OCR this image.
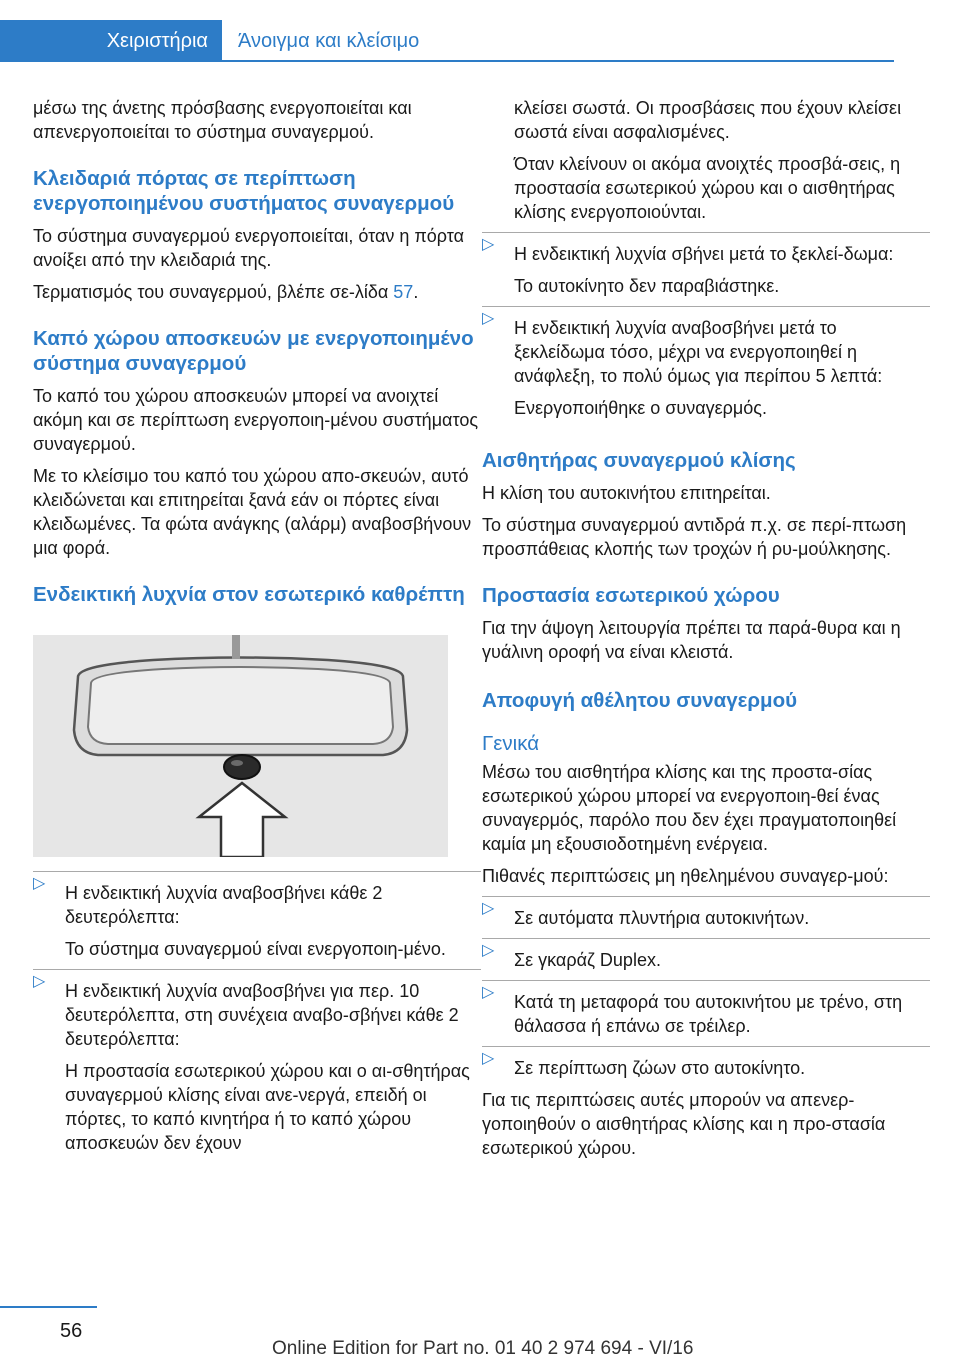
Χειριστήρια	Άνοιγμα και κλείσιμο

μέσω της άνετης πρόσβασης ενεργοποιείται και απενεργοποιείται το σύστημα συναγερμού.

Κλειδαριά πόρτας σε περίπτωση ενεργοποιημένου συστήματος συναγερμού

Το σύστημα συναγερμού ενεργοποιείται, όταν η πόρτα ανοίξει από την κλειδαριά της.

Τερματισμός του συναγερμού, βλέπε σε-λίδα 57.

Καπό χώρου αποσκευών με ενεργοποιημένο σύστημα συναγερμού

Το καπό του χώρου αποσκευών μπορεί να ανοιχτεί ακόμη και σε περίπτωση ενεργοποιη-μένου συστήματος συναγερμού.

Με το κλείσιμο του καπό του χώρου απο-σκευών, αυτό κλειδώνεται και επιτηρείται ξανά εάν οι πόρτες είναι κλειδωμένες. Τα φώτα ανάγκης (αλάρμ) αναβοσβήνουν μια φορά.

Ενδεικτική λυχνία στον εσωτερικό καθρέπτη
▷ Η ενδεικτική λυχνία αναβοσβήνει κάθε 2 δευτερόλεπτα:
Το σύστημα συναγερμού είναι ενεργοποιη-μένο.
▷ Η ενδεικτική λυχνία αναβοσβήνει για περ. 10 δευτερόλεπτα, στη συνέχεια αναβο-σβήνει κάθε 2 δευτερόλεπτα:
Η προστασία εσωτερικού χώρου και ο αι-σθητήρας συναγερμού κλίσης είναι ανε-νεργά, επειδή οι πόρτες, το καπό κινητήρα ή το καπό χώρου αποσκευών δεν έχουν

κλείσει σωστά. Οι προσβάσεις που έχουν κλείσει σωστά είναι ασφαλισμένες.

Όταν κλείνουν οι ακόμα ανοιχτές προσβά-σεις, η προστασία εσωτερικού χώρου και ο αισθητήρας κλίσης ενεργοποιούνται.

▷ Η ενδεικτική λυχνία σβήνει μετά το ξεκλεί-δωμα:
Το αυτοκίνητο δεν παραβιάστηκε.
▷ Η ενδεικτική λυχνία αναβοσβήνει μετά το ξεκλείδωμα τόσο, μέχρι να ενεργοποιηθεί η ανάφλεξη, το πολύ όμως για περίπου 5 λεπτά:
Ενεργοποιήθηκε ο συναγερμός.
Αισθητήρας συναγερμού κλίσης

Η κλίση του αυτοκινήτου επιτηρείται.

Το σύστημα συναγερμού αντιδρά π.χ. σε περί-πτωση προσπάθειας κλοπής των τροχών ή ρυ-μούλκησης.

Προστασία εσωτερικού χώρου

Για την άψογη λειτουργία πρέπει τα παρά-θυρα και η γυάλινη οροφή να είναι κλειστά.

Αποφυγή αθέλητου συναγερμού
Γενικά

Μέσω του αισθητήρα κλίσης και της προστα-σίας εσωτερικού χώρου μπορεί να ενεργοποιη-θεί ένας συναγερμός, παρόλο που δεν έχει πραγματοποιηθεί καμία μη εξουσιοδοτημένη ενέργεια.

Πιθανές περιπτώσεις μη ηθελημένου συναγερ-μού:

▷ Σε αυτόματα πλυντήρια αυτοκινήτων.
▷ Σε γκαράζ Duplex.
▷ Κατά τη μεταφορά του αυτοκινήτου με τρένο, στη θάλασσα ή επάνω σε τρέιλερ.
▷ Σε περίπτωση ζώων στο αυτοκίνητο.

Για τις περιπτώσεις αυτές μπορούν να απενερ-γοποιηθούν ο αισθητήρας κλίσης και η προ-στασία εσωτερικού χώρου.

56
Online Edition for Part no. 01 40 2 974 694 - VI/16
